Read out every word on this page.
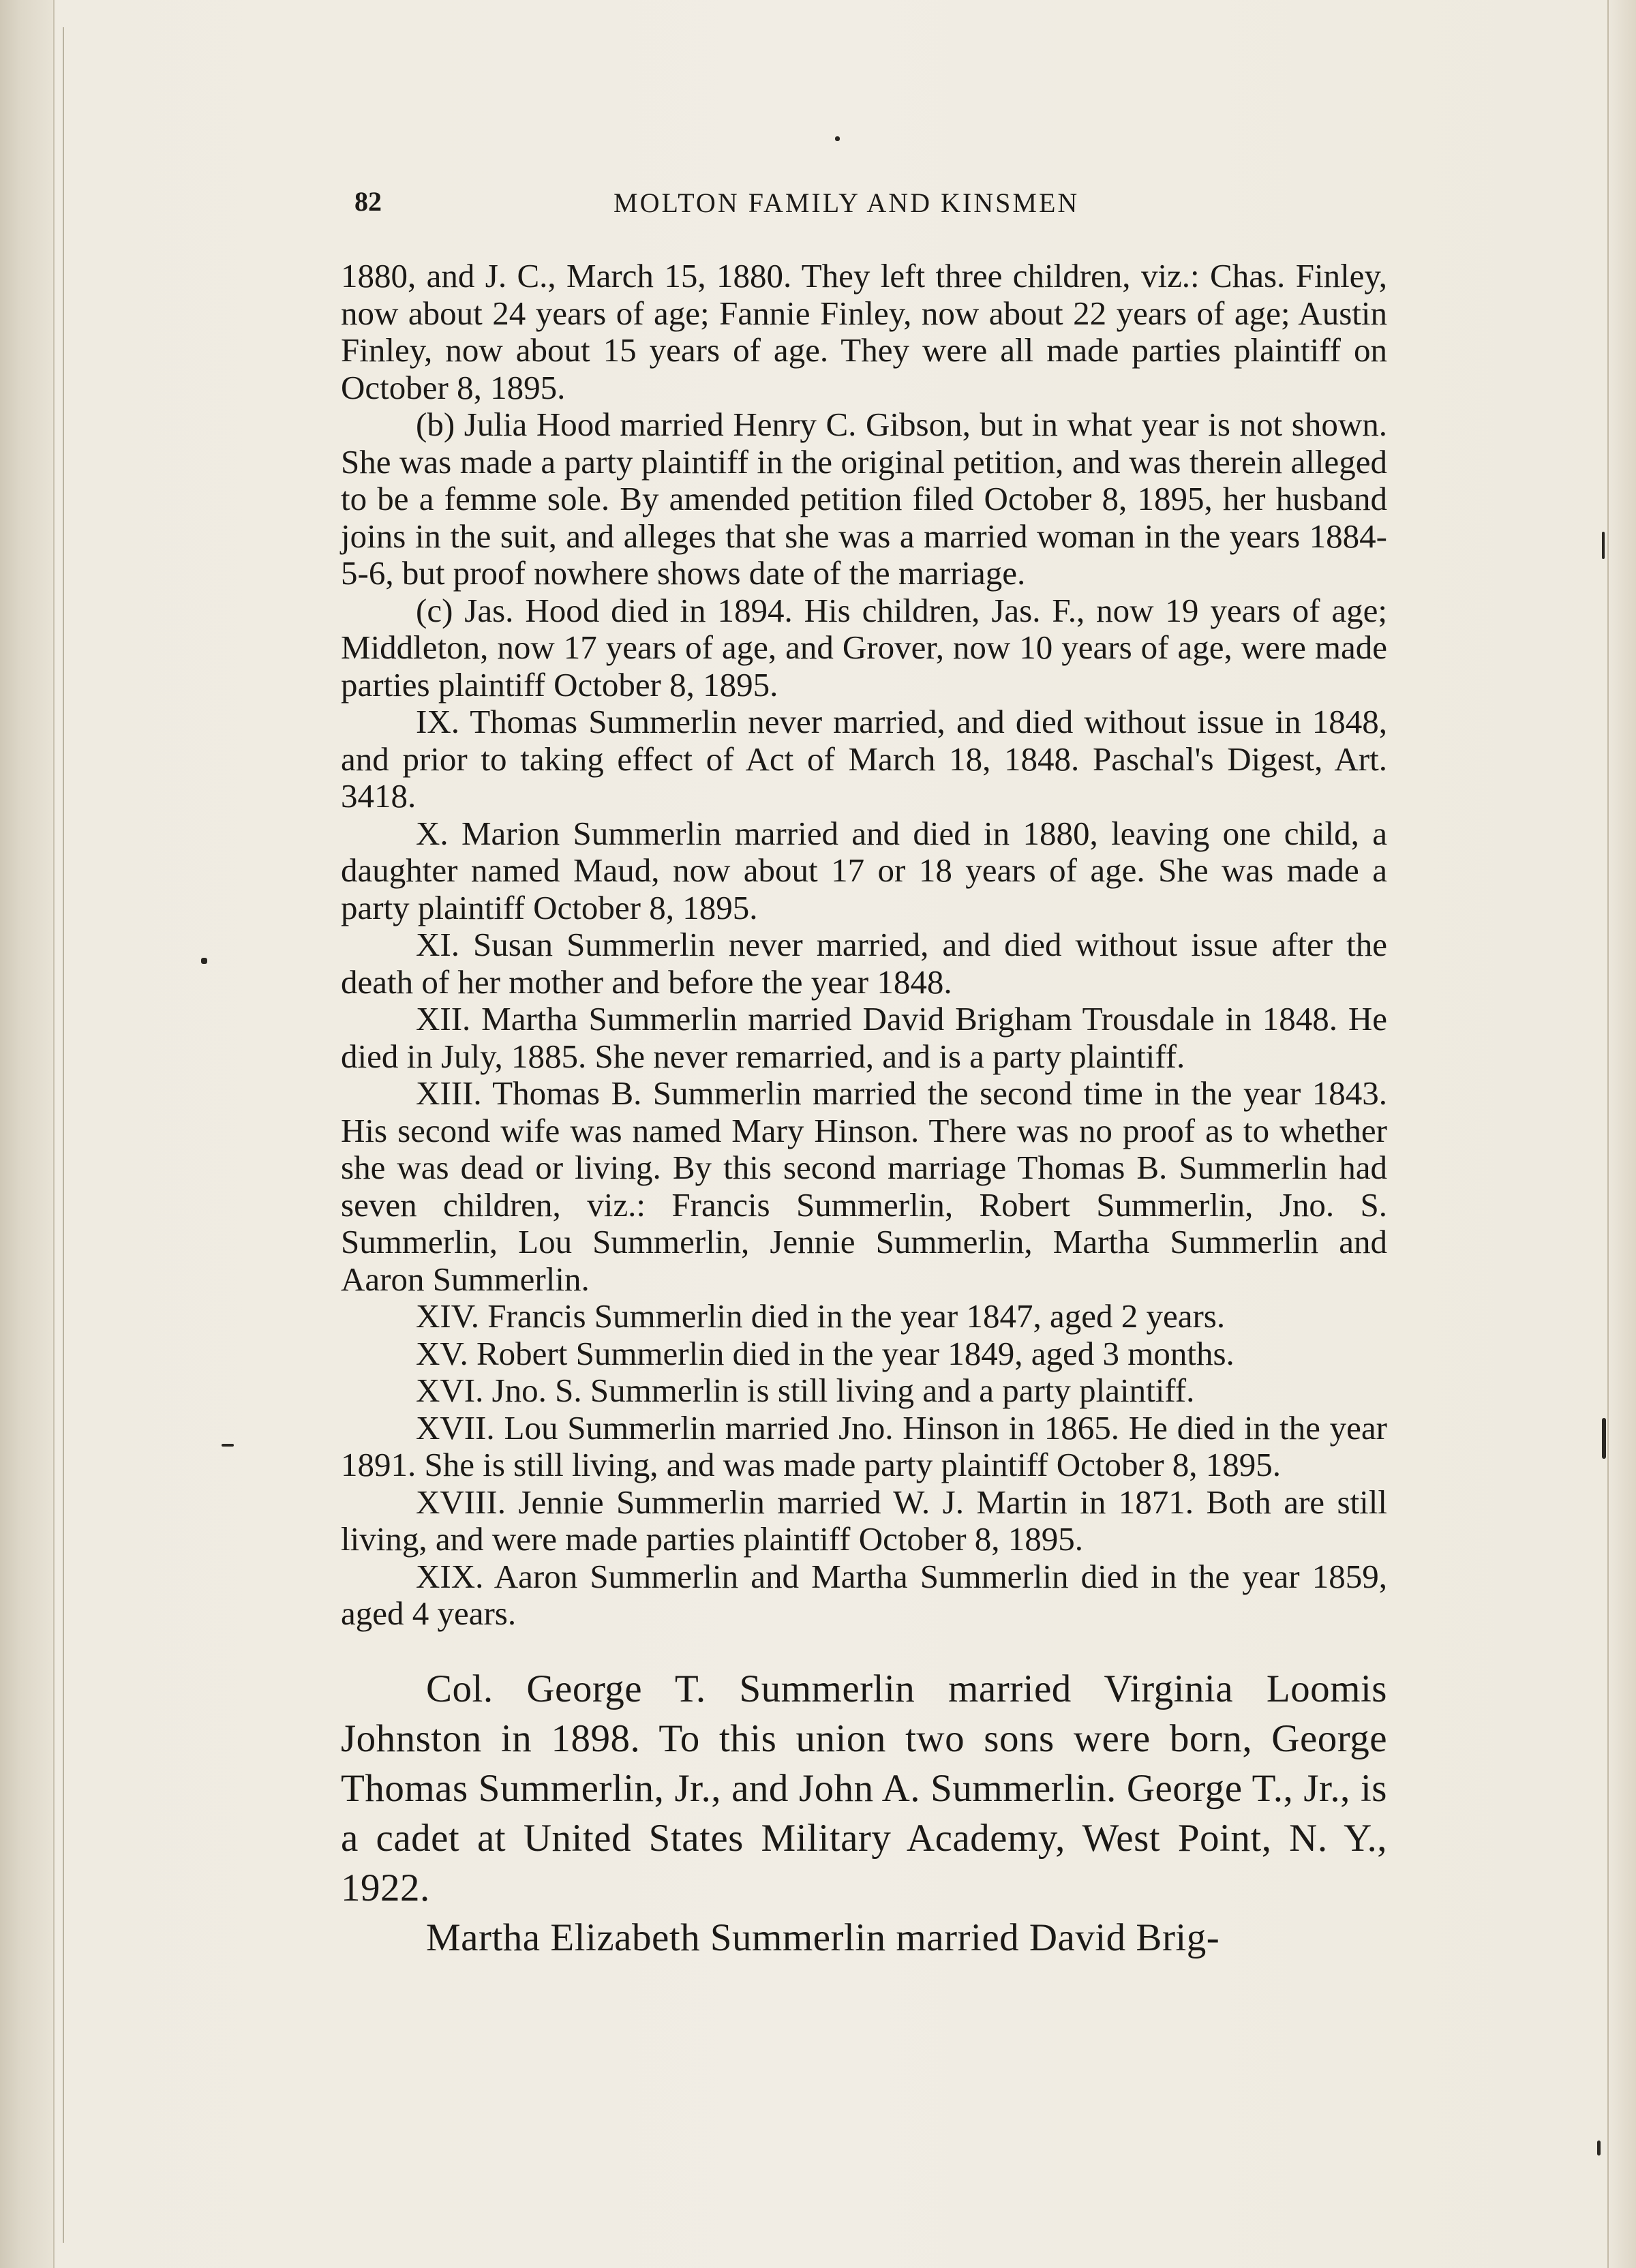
82	MOLTON FAMILY AND KINSMEN

1880, and J. C., March 15, 1880. They left three children, viz.: Chas. Finley, now about 24 years of age; Fannie Finley, now about 22 years of age; Austin Finley, now about 15 years of age. They were all made parties plaintiff on October 8, 1895.

(b) Julia Hood married Henry C. Gibson, but in what year is not shown. She was made a party plaintiff in the original petition, and was therein alleged to be a femme sole. By amended petition filed October 8, 1895, her husband joins in the suit, and alleges that she was a married woman in the years 1884-5-6, but proof nowhere shows date of the marriage.

(c) Jas. Hood died in 1894. His children, Jas. F., now 19 years of age; Middleton, now 17 years of age, and Grover, now 10 years of age, were made parties plaintiff October 8, 1895.

IX. Thomas Summerlin never married, and died without issue in 1848, and prior to taking effect of Act of March 18, 1848. Paschal's Digest, Art. 3418.

X. Marion Summerlin married and died in 1880, leaving one child, a daughter named Maud, now about 17 or 18 years of age. She was made a party plaintiff October 8, 1895.

XI. Susan Summerlin never married, and died without issue after the death of her mother and before the year 1848.

XII. Martha Summerlin married David Brigham Trousdale in 1848. He died in July, 1885. She never remarried, and is a party plaintiff.

XIII. Thomas B. Summerlin married the second time in the year 1843. His second wife was named Mary Hinson. There was no proof as to whether she was dead or living. By this second marriage Thomas B. Summerlin had seven children, viz.: Francis Summerlin, Robert Summerlin, Jno. S. Summerlin, Lou Summerlin, Jennie Summerlin, Martha Summerlin and Aaron Summerlin.

XIV. Francis Summerlin died in the year 1847, aged 2 years.

XV. Robert Summerlin died in the year 1849, aged 3 months.

XVI. Jno. S. Summerlin is still living and a party plaintiff.

XVII. Lou Summerlin married Jno. Hinson in 1865. He died in the year 1891. She is still living, and was made party plaintiff October 8, 1895.

XVIII. Jennie Summerlin married W. J. Martin in 1871. Both are still living, and were made parties plaintiff October 8, 1895.

XIX. Aaron Summerlin and Martha Summerlin died in the year 1859, aged 4 years.

Col. George T. Summerlin married Virginia Loomis Johnston in 1898. To this union two sons were born, George Thomas Summerlin, Jr., and John A. Summerlin. George T., Jr., is a cadet at United States Military Academy, West Point, N. Y., 1922.

Martha Elizabeth Summerlin married David Brig-
